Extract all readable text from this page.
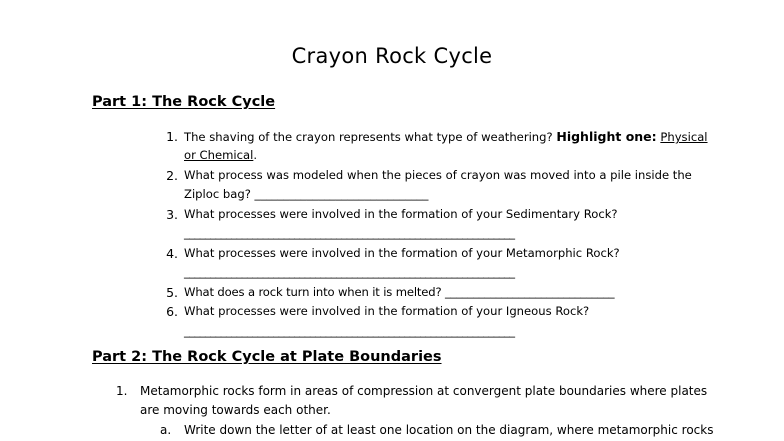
Crayon Rock Cycle
Part 1: The Rock Cycle
1. The shaving of the crayon represents what type of weathering? Highlight one: Physical
or Chemical.
2. What process was modeled when the pieces of crayon was moved into a pile inside the
Ziploc bag? ______________________________
3. What processes were involved in the formation of your Sedimentary Rock?
_______________________________________________________________
4. What processes were involved in the formation of your Metamorphic Rock?
_______________________________________________________________
5. What does a rock turn into when it is melted? ______________________________
6. What processes were involved in the formation of your Igneous Rock?
_______________________________________________________________
Part 2: The Rock Cycle at Plate Boundaries
1. Metamorphic rocks form in areas of compression at convergent plate boundaries where plates
are moving towards each other.
a. Write down the letter of at least one location on the diagram, where metamorphic rocks
